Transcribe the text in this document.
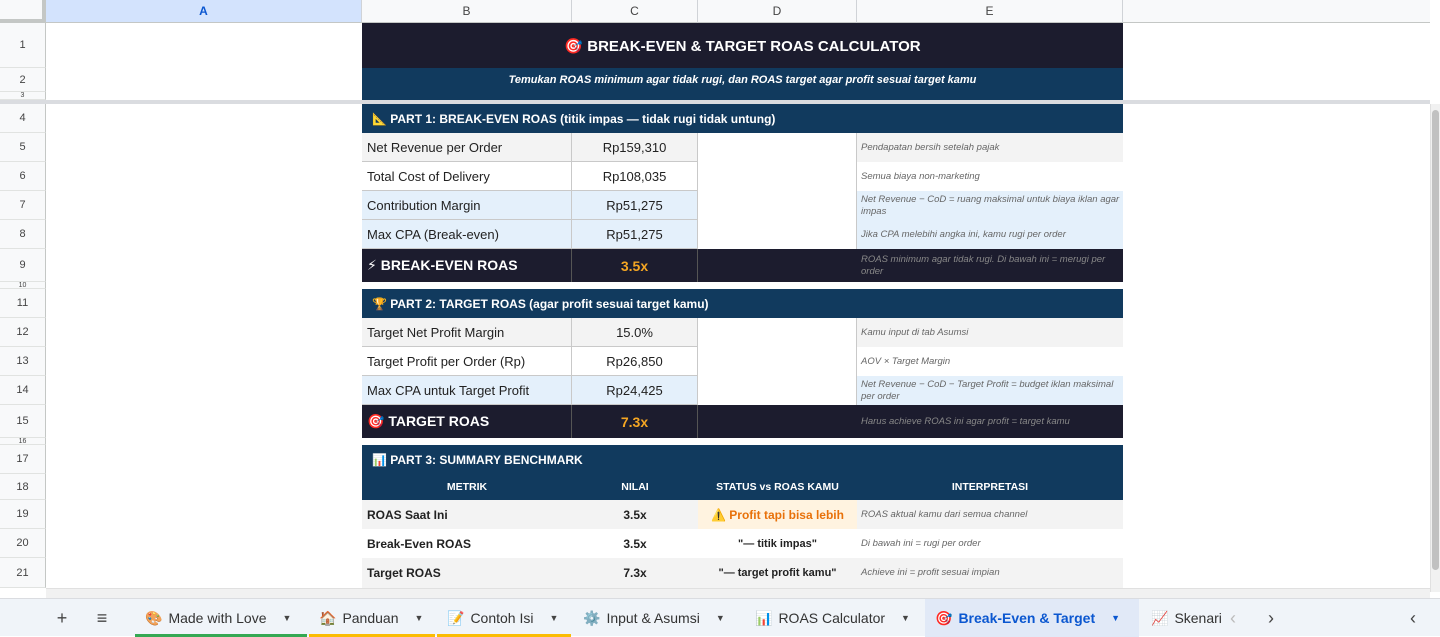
A	B	C	D	E
1
2
3
4
5
6
7
8
9
10
11
12
13
14
15
16
17
18
19
20
21
🎯 BREAK-EVEN & TARGET ROAS CALCULATOR
Temukan ROAS minimum agar tidak rugi, dan ROAS target agar profit sesuai target kamu
📐 PART 1: BREAK-EVEN ROAS (titik impas — tidak rugi tidak untung)
Net Revenue per Order	Rp159,310	Pendapatan bersih setelah pajak
Total Cost of Delivery	Rp108,035	Semua biaya non-marketing
Contribution Margin	Rp51,275	Net Revenue − CoD = ruang maksimal untuk biaya iklan agar impas
Max CPA (Break-even)	Rp51,275	Jika CPA melebihi angka ini, kamu rugi per order
⚡ BREAK-EVEN ROAS	3.5x	ROAS minimum agar tidak rugi. Di bawah ini = merugi per order
🏆 PART 2: TARGET ROAS (agar profit sesuai target kamu)
Target Net Profit Margin	15.0%	Kamu input di tab Asumsi
Target Profit per Order (Rp)	Rp26,850	AOV × Target Margin
Max CPA untuk Target Profit	Rp24,425	Net Revenue − CoD − Target Profit = budget iklan maksimal per order
🎯 TARGET ROAS	7.3x	Harus achieve ROAS ini agar profit = target kamu
📊 PART 3: SUMMARY BENCHMARK
METRIK	NILAI	STATUS vs ROAS KAMU	INTERPRETASI
ROAS Saat Ini	3.5x	⚠️ Profit tapi bisa lebih	ROAS aktual kamu dari semua channel
Break-Even ROAS	3.5x	"— titik impas"	Di bawah ini = rugi per order
Target ROAS	7.3x	"— target profit kamu"	Achieve ini = profit sesuai impian
+ ≡	🎨 Made with Love ▼ 🏠 Panduan ▼ 📝 Contoh Isi ▼ ⚙️ Input & Asumsi ▼ 📊 ROAS Calculator ▼ 🎯 Break-Even & Target ▼ 📈 Skenari ‹ ›	‹
